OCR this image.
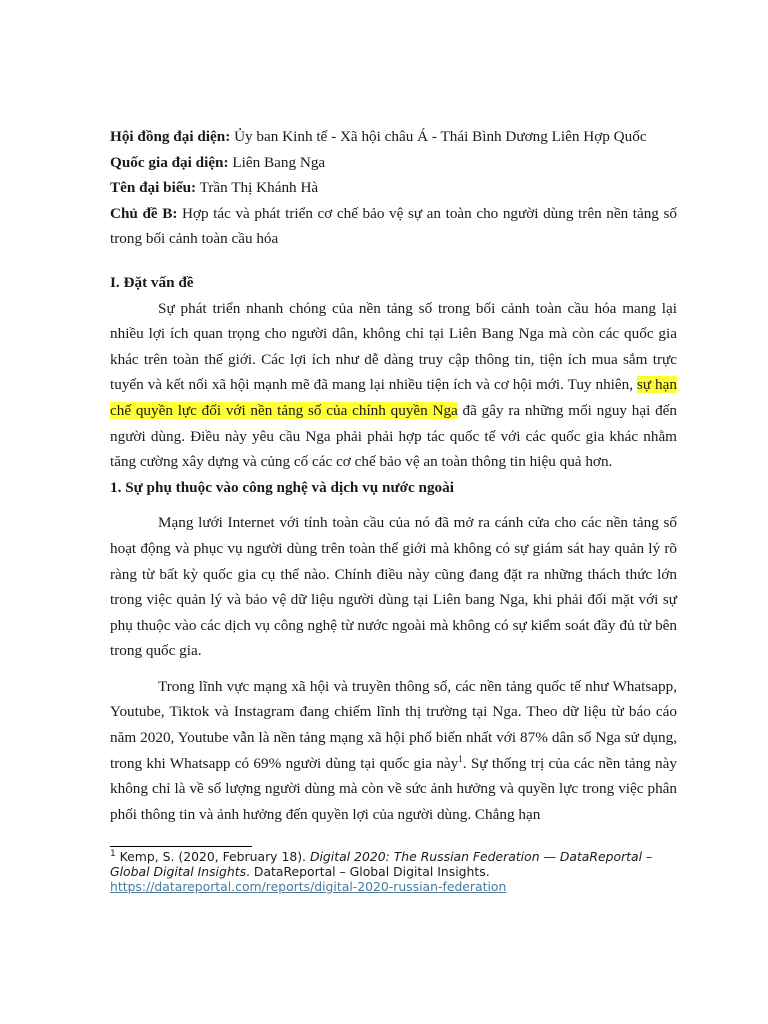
Hội đồng đại diện: Ủy ban Kinh tế - Xã hội châu Á - Thái Bình Dương Liên Hợp Quốc

Quốc gia đại diện: Liên Bang Nga

Tên đại biểu: Trần Thị Khánh Hà

Chủ đề B: Hợp tác và phát triển cơ chế bảo vệ sự an toàn cho người dùng trên nền tảng số trong bối cảnh toàn cầu hóa

I. Đặt vấn đề

Sự phát triển nhanh chóng của nền tảng số trong bối cảnh toàn cầu hóa mang lại nhiều lợi ích quan trọng cho người dân, không chỉ tại Liên Bang Nga mà còn các quốc gia khác trên toàn thế giới. Các lợi ích như dễ dàng truy cập thông tin, tiện ích mua sắm trực tuyến và kết nối xã hội mạnh mẽ đã mang lại nhiều tiện ích và cơ hội mới. Tuy nhiên, sự hạn chế quyền lực đối với nền tảng số của chính quyền Nga đã gây ra những mối nguy hại đến người dùng. Điều này yêu cầu Nga phải phải hợp tác quốc tế với các quốc gia khác nhằm tăng cường xây dựng và củng cố các cơ chế bảo vệ an toàn thông tin hiệu quả hơn.

1. Sự phụ thuộc vào công nghệ và dịch vụ nước ngoài

Mạng lưới Internet với tính toàn cầu của nó đã mở ra cánh cửa cho các nền tảng số hoạt động và phục vụ người dùng trên toàn thế giới mà không có sự giám sát hay quản lý rõ ràng từ bất kỳ quốc gia cụ thể nào. Chính điều này cũng đang đặt ra những thách thức lớn trong việc quản lý và bảo vệ dữ liệu người dùng tại Liên bang Nga, khi phải đối mặt với sự phụ thuộc vào các dịch vụ công nghệ từ nước ngoài mà không có sự kiểm soát đầy đủ từ bên trong quốc gia.

Trong lĩnh vực mạng xã hội và truyền thông số, các nền tảng quốc tế như Whatsapp, Youtube, Tiktok và Instagram đang chiếm lĩnh thị trường tại Nga. Theo dữ liệu từ báo cáo năm 2020, Youtube vẫn là nền tảng mạng xã hội phổ biến nhất với 87% dân số Nga sử dụng, trong khi Whatsapp có 69% người dùng tại quốc gia này$^1$. Sự thống trị của các nền tảng này không chỉ là về số lượng người dùng mà còn về sức ảnh hưởng và quyền lực trong việc phân phối thông tin và ảnh hưởng đến quyền lợi của người dùng. Chẳng hạn

$^1$ Kemp, S. (2020, February 18). Digital 2020: The Russian Federation — DataReportal – Global Digital Insights. DataReportal – Global Digital Insights.
https://datareportal.com/reports/digital-2020-russian-federation
